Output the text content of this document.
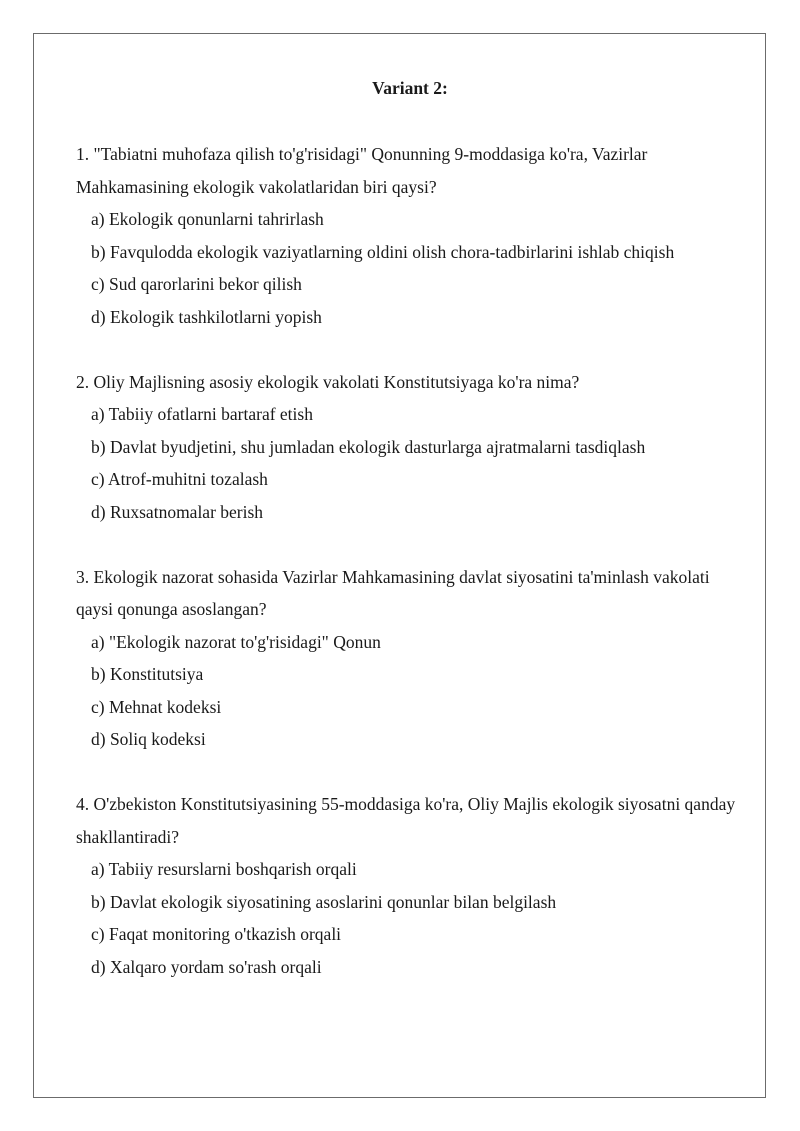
Variant 2:

1. "Tabiatni muhofaza qilish to'g'risidagi" Qonunning 9-moddasiga ko'ra, Vazirlar Mahkamasining ekologik vakolatlaridan biri qaysi?

a) Ekologik qonunlarni tahrirlash

b) Favqulodda ekologik vaziyatlarning oldini olish chora-tadbirlarini ishlab chiqish

c) Sud qarorlarini bekor qilish

d) Ekologik tashkilotlarni yopish

2. Oliy Majlisning asosiy ekologik vakolati Konstitutsiyaga ko'ra nima?

a) Tabiiy ofatlarni bartaraf etish

b) Davlat byudjetini, shu jumladan ekologik dasturlarga ajratmalarni tasdiqlash

c) Atrof-muhitni tozalash

d) Ruxsatnomalar berish

3. Ekologik nazorat sohasida Vazirlar Mahkamasining davlat siyosatini ta'minlash vakolati qaysi qonunga asoslangan?

a) "Ekologik nazorat to'g'risidagi" Qonun

b) Konstitutsiya

c) Mehnat kodeksi

d) Soliq kodeksi

4. O'zbekiston Konstitutsiyasining 55-moddasiga ko'ra, Oliy Majlis ekologik siyosatni qanday shakllantiradi?

a) Tabiiy resurslarni boshqarish orqali

b) Davlat ekologik siyosatining asoslarini qonunlar bilan belgilash

c) Faqat monitoring o'tkazish orqali

d) Xalqaro yordam so'rash orqali
